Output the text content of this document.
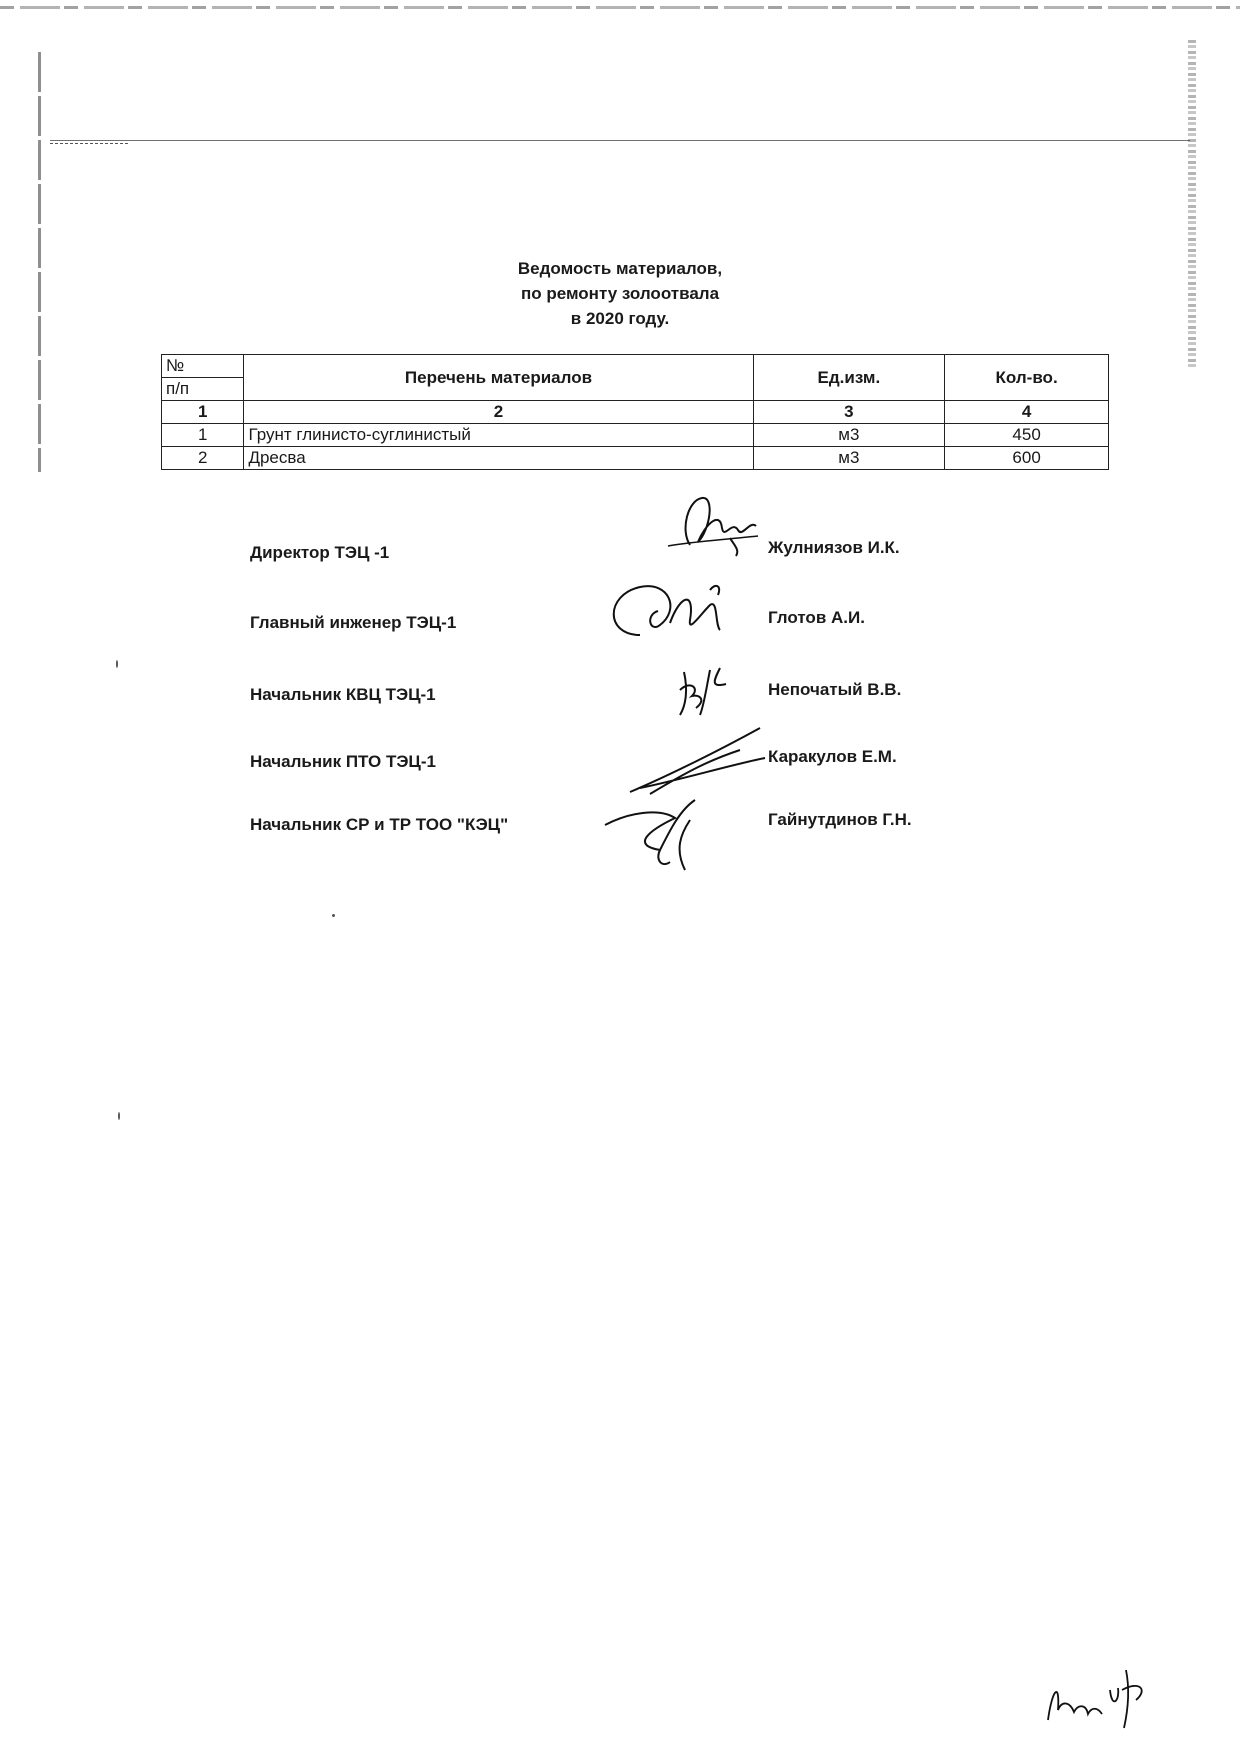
Ведомость материалов,
по ремонту золоотвала
в 2020 году.
№	Перечень материалов	Ед.изм.	Кол-во.
п/п			
1	2	3	4
1	Грунт глинисто-суглинистый	м3	450
2	Дресва	м3	600
Директор ТЭЦ -1	Жулниязов И.К.
Главный инженер ТЭЦ-1	Глотов А.И.
Начальник КВЦ ТЭЦ-1	Непочатый В.В.
Начальник ПТО ТЭЦ-1	Каракулов Е.М.
Начальник СР и ТР ТОО "КЭЦ"	Гайнутдинов Г.Н.
